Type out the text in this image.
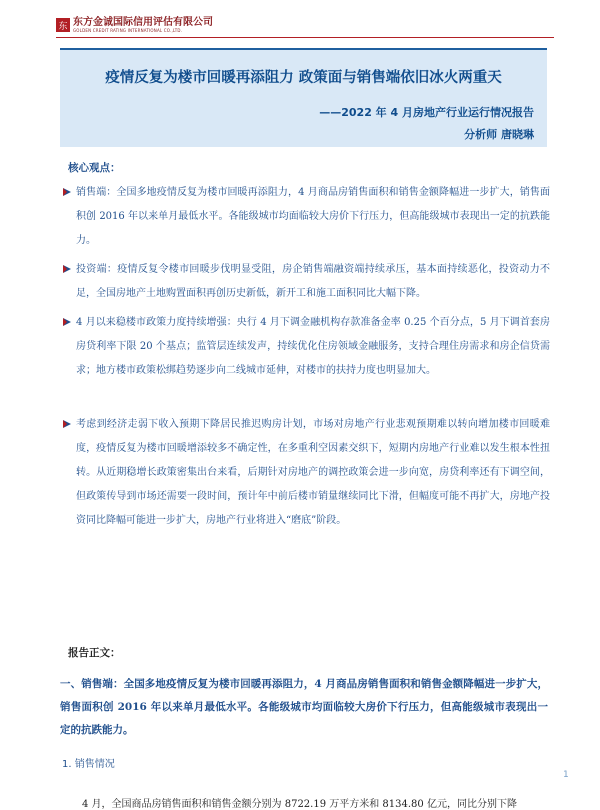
东 东方金诚国际信用评估有限公司
GOLDEN CREDIT RATING INTERNATIONAL CO.,LTD.
疫情反复为楼市回暖再添阻力 政策面与销售端依旧冰火两重天
——2022 年 4 月房地产行业运行情况报告
分析师 唐晓琳
核心观点：
销售端：全国多地疫情反复为楼市回暖再添阻力，4 月商品房销售面积和销售金额降幅进一步扩大，销售面积创 2016 年以来单月最低水平。各能级城市均面临较大房价下行压力，但高能级城市表现出一定的抗跌能力。
投资端：疫情反复令楼市回暖步伐明显受阻，房企销售端融资端持续承压，基本面持续恶化，投资动力不足，全国房地产土地购置面积再创历史新低，新开工和施工面积同比大幅下降。
4 月以来稳楼市政策力度持续增强：央行 4 月下调金融机构存款准备金率 0.25 个百分点，5 月下调首套房房贷利率下限 20 个基点；监管层连续发声，持续优化住房领域金融服务，支持合理住房需求和房企信贷需求；地方楼市政策松绑趋势逐步向二线城市延伸，对楼市的扶持力度也明显加大。
考虑到经济走弱下收入预期下降居民推迟购房计划，市场对房地产行业悲观预期难以转向增加楼市回暖难度，疫情反复为楼市回暖增添较多不确定性，在多重利空因素交织下，短期内房地产行业难以发生根本性扭转。从近期稳增长政策密集出台来看，后期针对房地产的调控政策会进一步向宽，房贷利率还有下调空间，但政策传导到市场还需要一段时间，预计年中前后楼市销量继续同比下滑，但幅度可能不再扩大，房地产投资同比降幅可能进一步扩大，房地产行业将进入“磨底”阶段。
报告正文：
一、销售端：全国多地疫情反复为楼市回暖再添阻力，4 月商品房销售面积和销售金额降幅进一步扩大，销售面积创 2016 年以来单月最低水平。各能级城市均面临较大房价下行压力，但高能级城市表现出一定的抗跌能力。
1. 销售情况
4 月，全国商品房销售面积和销售金额分别为 8722.19 万平方米和 8134.80 亿元，同比分别下降
1
